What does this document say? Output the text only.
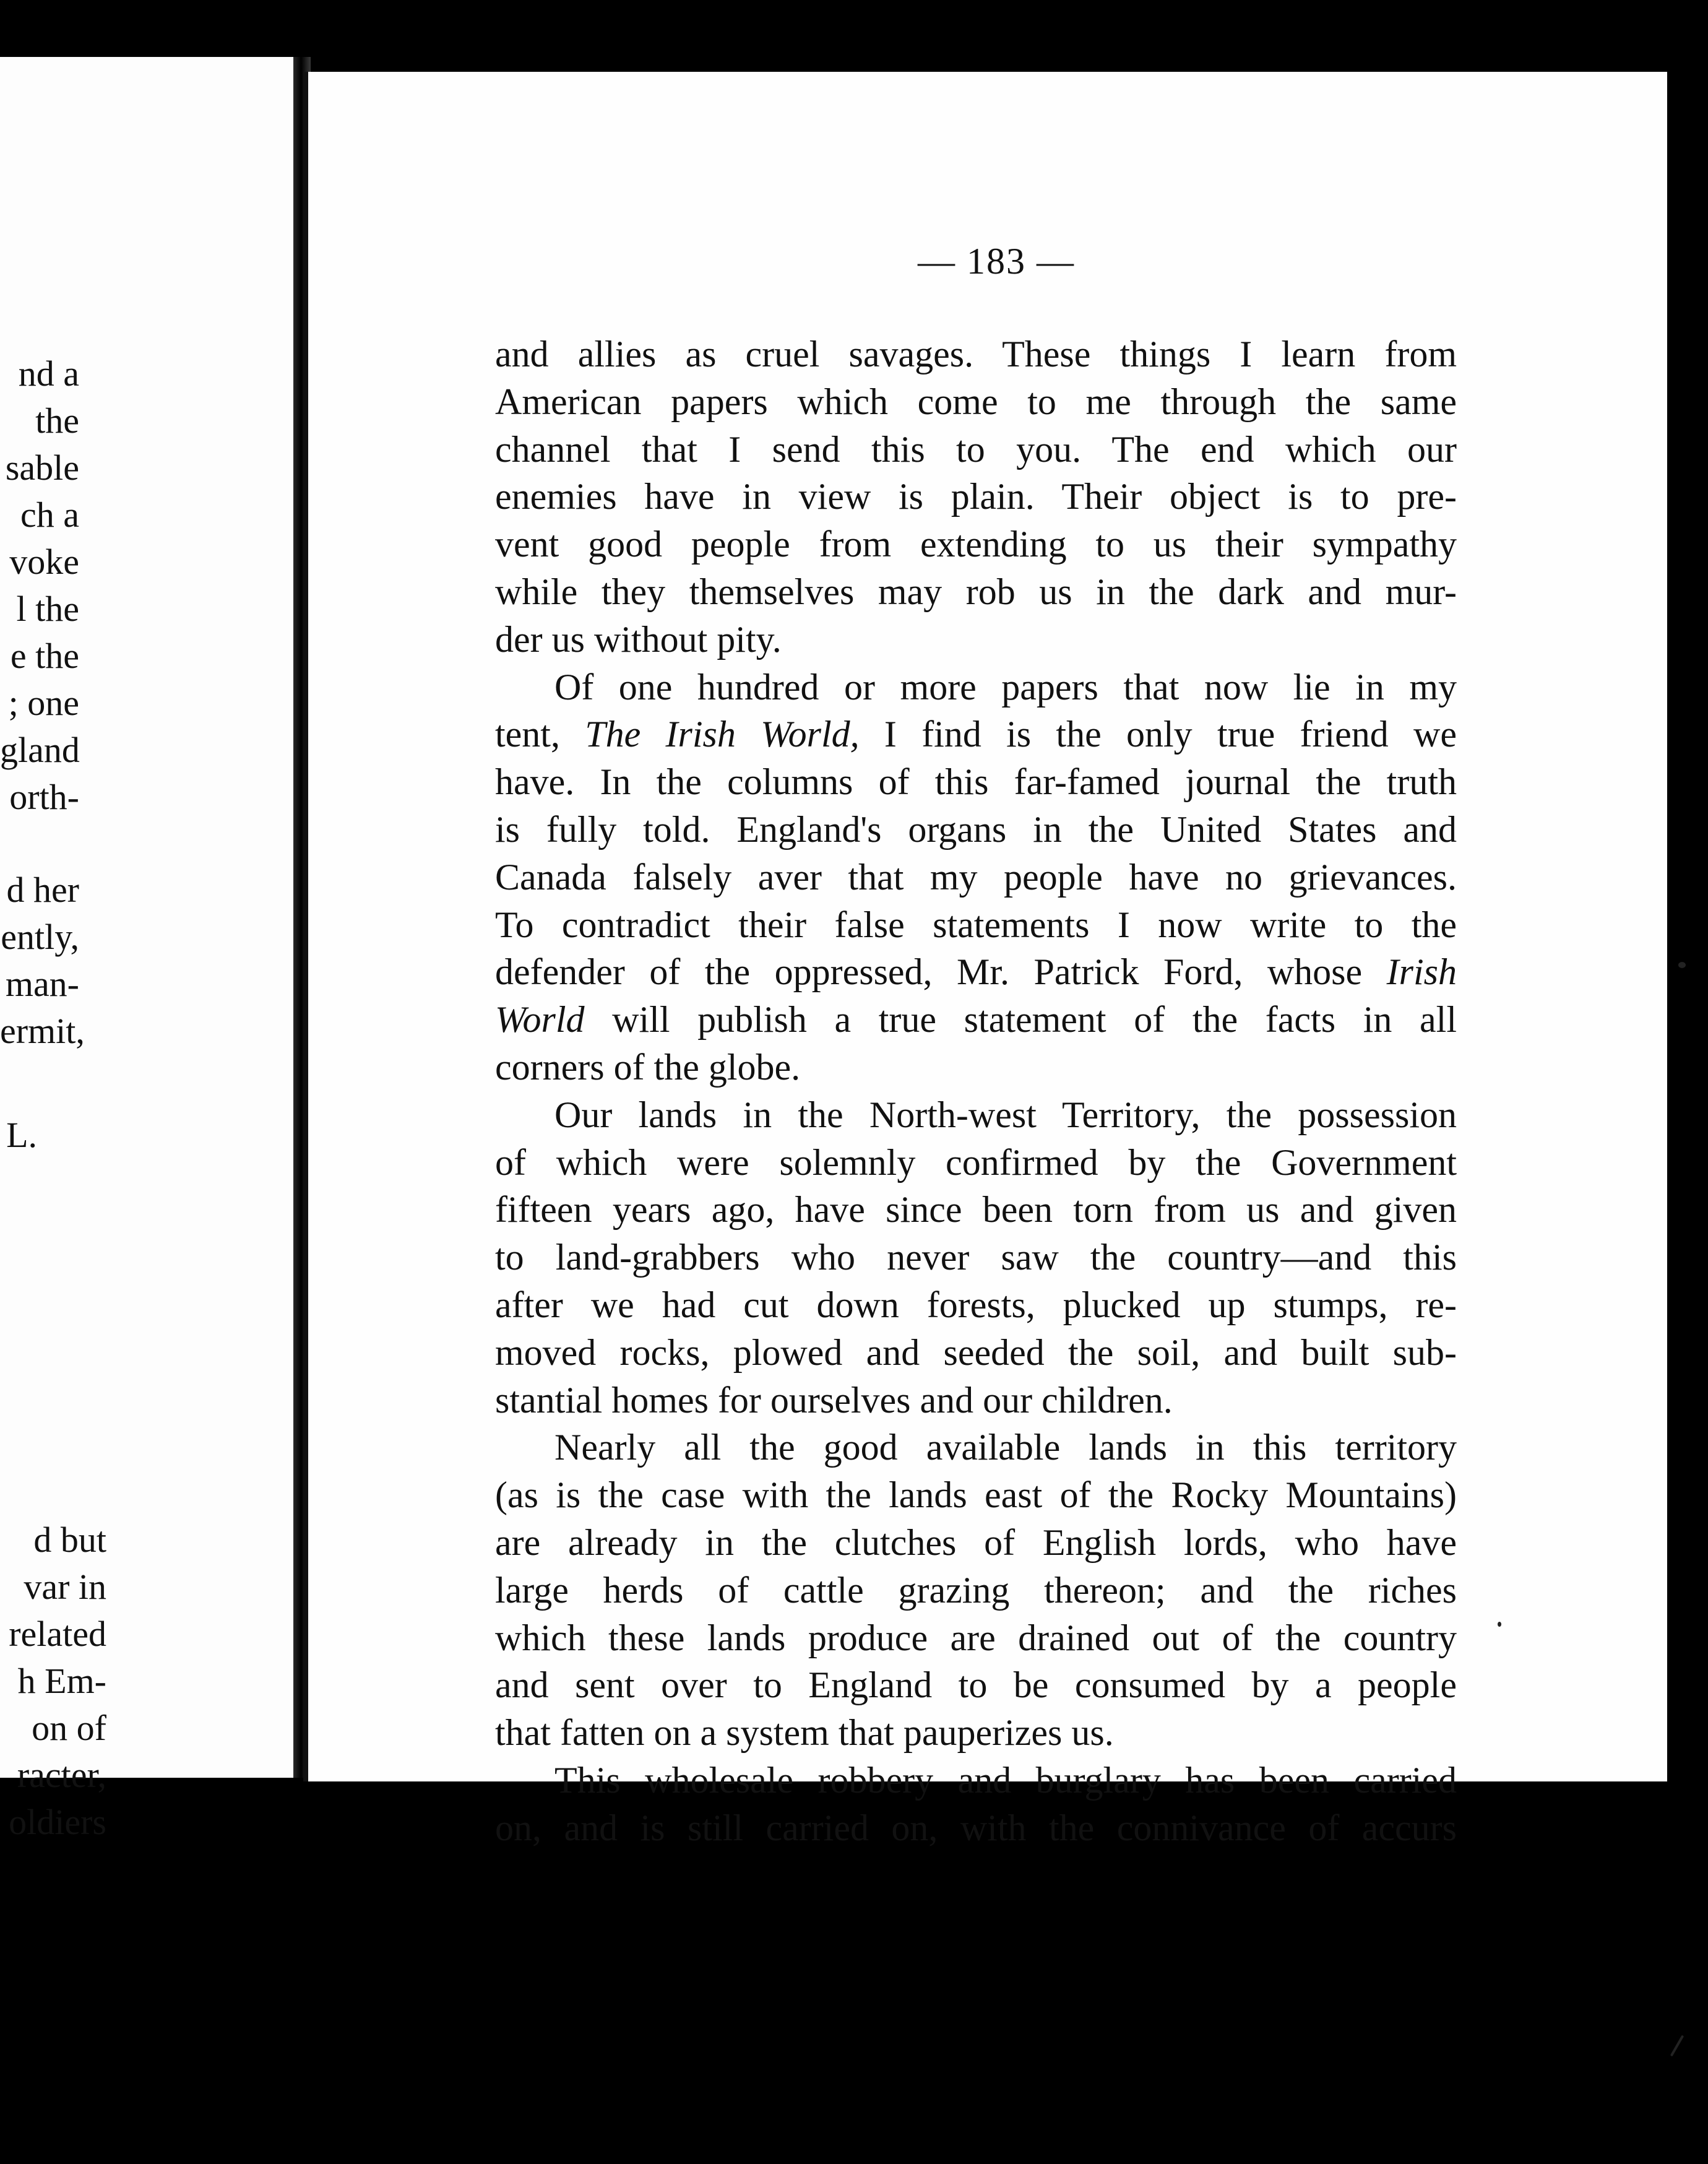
— 183 —
and allies as cruel savages. These things I learn from
American papers which come to me through the same
channel that I send this to you. The end which our
enemies have in view is plain. Their object is to pre-
vent good people from extending to us their sympathy
while they themselves may rob us in the dark and mur-
der us without pity.
Of one hundred or more papers that now lie in my
tent, The Irish World, I find is the only true friend we
have. In the columns of this far-famed journal the truth
is fully told. England's organs in the United States and
Canada falsely aver that my people have no grievances.
To contradict their false statements I now write to the
defender of the oppressed, Mr. Patrick Ford, whose Irish
World will publish a true statement of the facts in all
corners of the globe.
Our lands in the North-west Territory, the possession
of which were solemnly confirmed by the Government
fifteen years ago, have since been torn from us and given
to land-grabbers who never saw the country—and this
after we had cut down forests, plucked up stumps, re-
moved rocks, plowed and seeded the soil, and built sub-
stantial homes for ourselves and our children.
Nearly all the good available lands in this territory
(as is the case with the lands east of the Rocky Mountains)
are already in the clutches of English lords, who have
large herds of cattle grazing thereon; and the riches
which these lands produce are drained out of the country
and sent over to England to be consumed by a people
that fatten on a system that pauperizes us.
This wholesale robbery and burglary has been carried
on, and is still carried on, with the connivance of accurs
nd a
the
sable
ch a
voke
l the
e the
; one
gland
orth-
d her
ently,
man-
ermit,
L.
d but
var in
related
h Em-
on of
racter,
oldiers
